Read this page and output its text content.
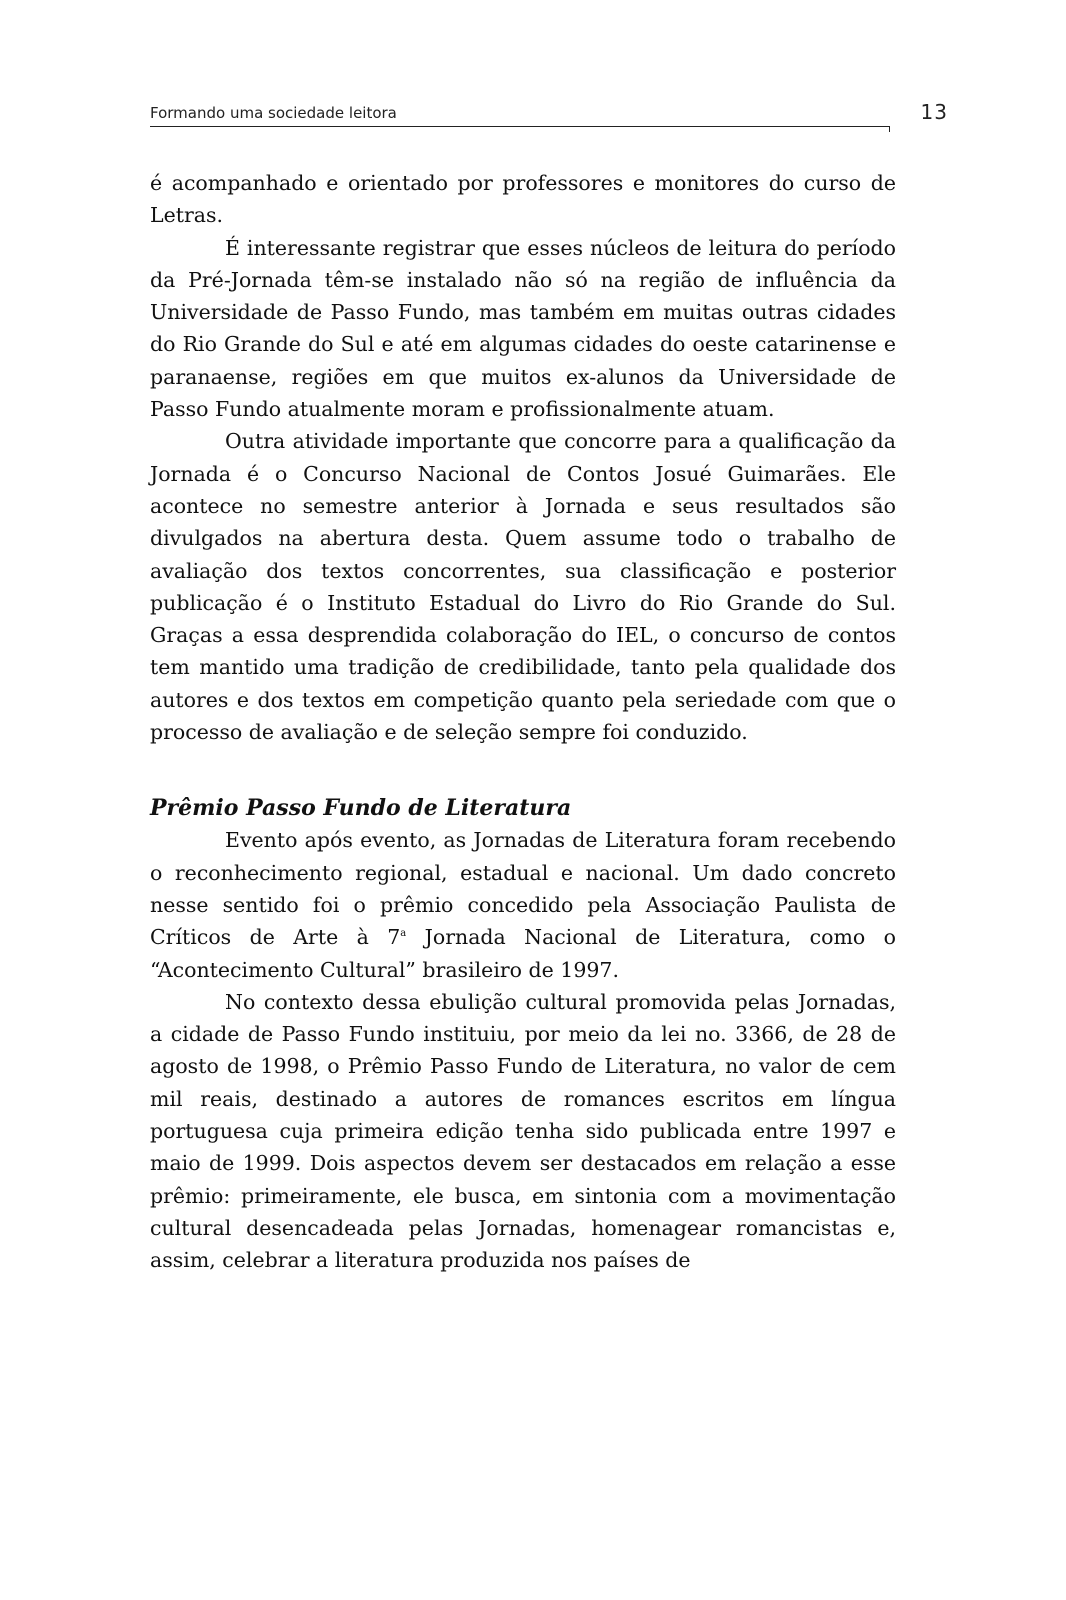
Formando uma sociedade leitora	13

é acompanhado e orientado por professores e monitores do curso de Letras.

É interessante registrar que esses núcleos de leitura do período da Pré-Jornada têm-se instalado não só na região de influência da Universidade de Passo Fundo, mas também em muitas outras cidades do Rio Grande do Sul e até em algumas cidades do oeste catarinense e paranaense, regiões em que muitos ex-alunos da Universidade de Passo Fundo atualmente moram e profissionalmente atuam.

Outra atividade importante que concorre para a qualificação da Jornada é o Concurso Nacional de Contos Josué Guimarães. Ele acontece no semestre anterior à Jornada e seus resultados são divulgados na abertura desta. Quem assume todo o trabalho de avaliação dos textos concorrentes, sua classificação e posterior publicação é o Instituto Estadual do Livro do Rio Grande do Sul. Graças a essa desprendida colaboração do IEL, o concurso de contos tem mantido uma tradição de credibilidade, tanto pela qualidade dos autores e dos textos em competição quanto pela seriedade com que o processo de avaliação e de seleção sempre foi conduzido.

Prêmio Passo Fundo de Literatura

Evento após evento, as Jornadas de Literatura foram recebendo o reconhecimento regional, estadual e nacional. Um dado concreto nesse sentido foi o prêmio concedido pela Associação Paulista de Críticos de Arte à 7$^a$ Jornada Nacional de Literatura, como o “Acontecimento Cultural” brasileiro de 1997.

No contexto dessa ebulição cultural promovida pelas Jornadas, a cidade de Passo Fundo instituiu, por meio da lei no. 3366, de 28 de agosto de 1998, o Prêmio Passo Fundo de Literatura, no valor de cem mil reais, destinado a autores de romances escritos em língua portuguesa cuja primeira edição tenha sido publicada entre 1997 e maio de 1999. Dois aspectos devem ser destacados em relação a esse prêmio: primeiramente, ele busca, em sintonia com a movimentação cultural desencadeada pelas Jornadas, homenagear romancistas e, assim, celebrar a literatura produzida nos países de
